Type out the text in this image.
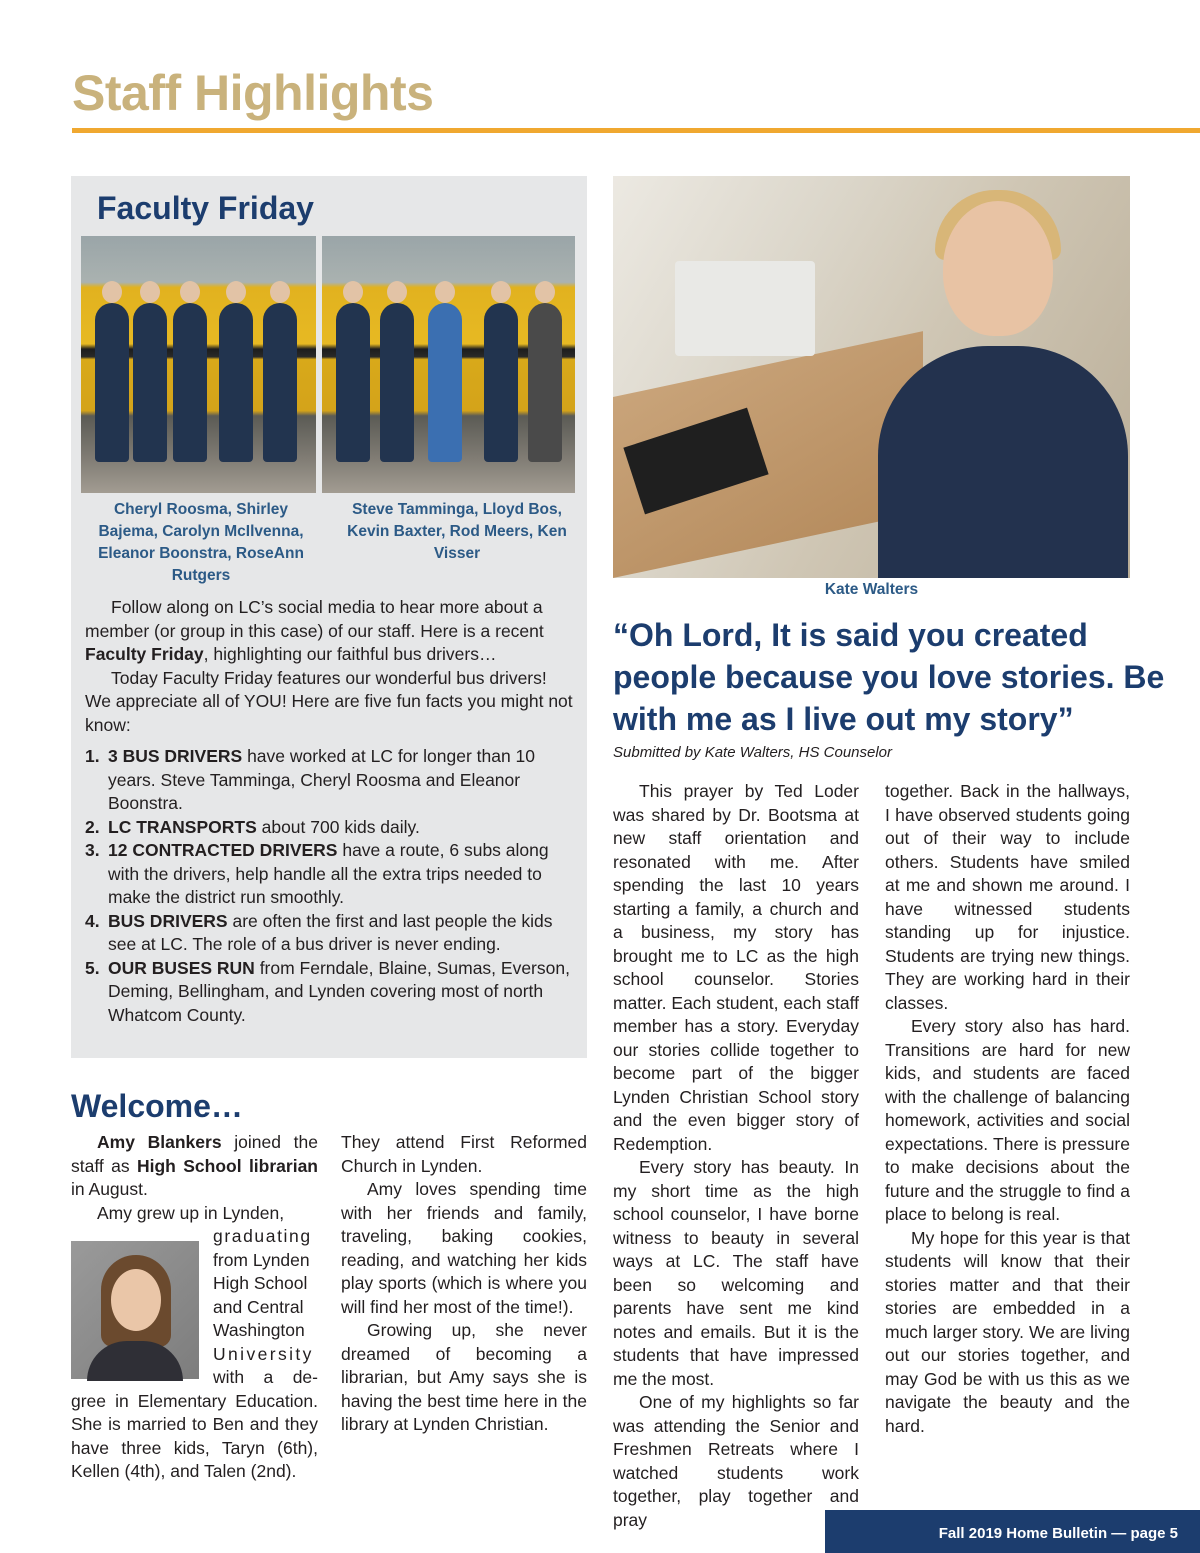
Staff Highlights
Faculty Friday
Cheryl Roosma, Shirley Bajema, Carolyn McIlvenna, Eleanor Boonstra, RoseAnn Rutgers
Steve Tamminga, Lloyd Bos, Kevin Baxter, Rod Meers, Ken Visser

Follow along on LC’s social media to hear more about a member (or group in this case) of our staff. Here is a recent Faculty Friday, highlighting our faithful bus drivers…

Today Faculty Friday features our wonderful bus drivers! We appreciate all of YOU! Here are five fun facts you might not know:

1. 3 BUS DRIVERS have worked at LC for longer than 10 years. Steve Tamminga, Cheryl Roosma and Eleanor Boonstra.
2. LC TRANSPORTS about 700 kids daily.
3. 12 CONTRACTED DRIVERS have a route, 6 subs along with the drivers, help handle all the extra trips needed to make the district run smoothly.
4. BUS DRIVERS are often the first and last people the kids see at LC. The role of a bus driver is never ending.
5. OUR BUSES RUN from Ferndale, Blaine, Sumas, Everson, Deming, Bellingham, and Lynden covering most of north Whatcom County.
Kate Walters
“Oh Lord, It is said you created people because you love stories. Be with me as I live out my story”
Submitted by Kate Walters, HS Counselor

This prayer by Ted Loder was shared by Dr. Bootsma at new staff orientation and resonated with me. After spending the last 10 years starting a family, a church and a business, my story has brought me to LC as the high school counselor. Stories matter. Each student, each staff member has a story. Everyday our stories collide together to become part of the bigger Lynden Christian School story and the even bigger story of Redemption.

Every story has beauty. In my short time as the high school counselor, I have borne witness to beauty in several ways at LC. The staff have been so welcoming and parents have sent me kind notes and emails. But it is the students that have impressed me the most.

One of my highlights so far was attending the Senior and Freshmen Retreats where I watched students work together, play together and pray

together. Back in the hallways, I have observed students going out of their way to include others. Students have smiled at me and shown me around. I have witnessed students standing up for injustice. Students are trying new things. They are working hard in their classes.

Every story also has hard. Transitions are hard for new kids, and students are faced with the challenge of balancing homework, activities and social expectations. There is pressure to make decisions about the future and the struggle to find a place to belong is real.

My hope for this year is that students will know that their stories matter and that their stories are embedded in a much larger story. We are living out our stories together, and may God be with us this as we navigate the beauty and the hard.

Welcome…

Amy Blankers joined the staff as High School librarian in August.

Amy grew up in Lynden,

graduating
from Lynden
High School
and Central
Washington
University
with a de-

gree in Elementary Education. She is married to Ben and they have three kids, Taryn (6th), Kellen (4th), and Talen (2nd).

They attend First Reformed Church in Lynden.

Amy loves spending time with her friends and family, traveling, baking cookies, reading, and watching her kids play sports (which is where you will find her most of the time!).

Growing up, she never dreamed of becoming a librarian, but Amy says she is having the best time here in the library at Lynden Christian.

Fall 2019 Home Bulletin — page 5
